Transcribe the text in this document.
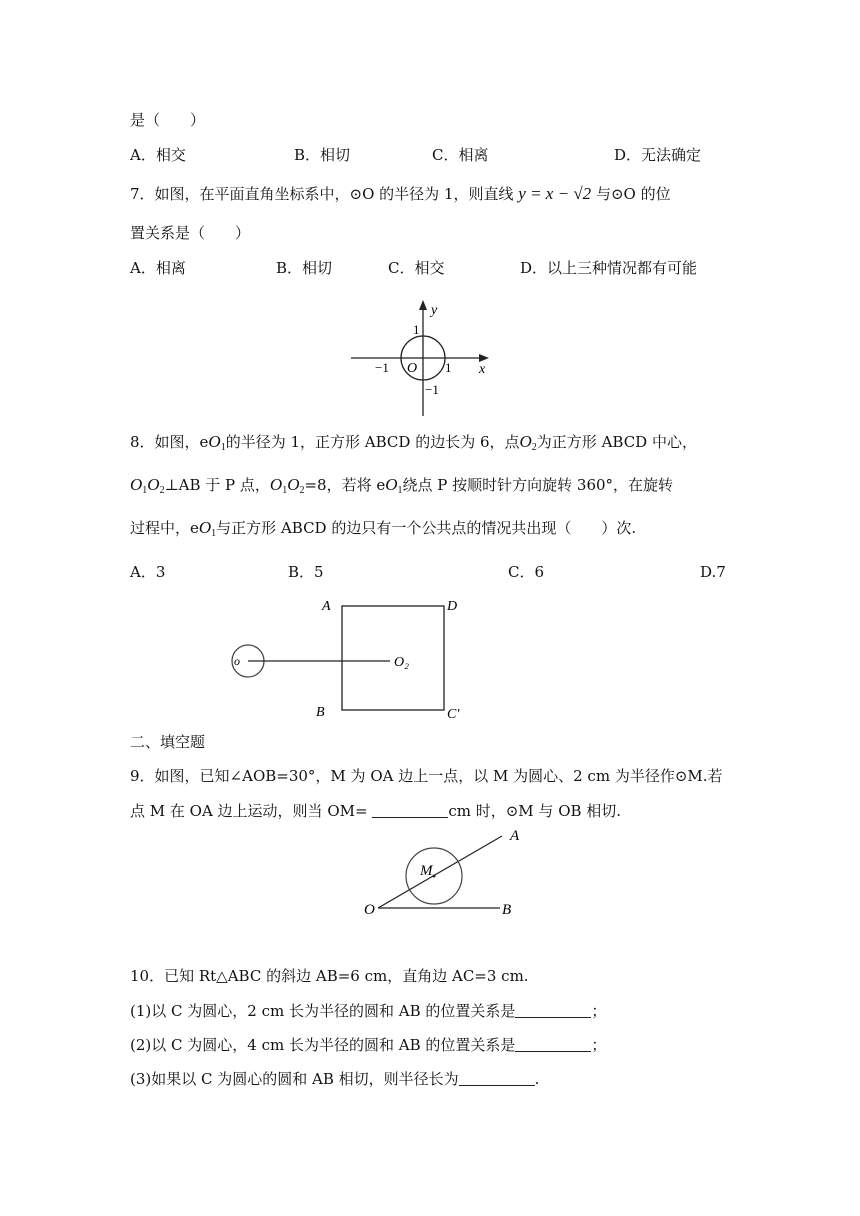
是（　　）
A．相交	B．相切	C．相离	D．无法确定
7．如图，在平面直角坐标系中，⊙O 的半径为 1，则直线 y = x − √2 与⊙O 的位
置关系是（　　）
A．相离	B．相切	C．相交	D．以上三种情况都有可能
y
x
O
1
−1	1
−1
8．如图，$eO_1$的半径为 1，正方形 ABCD 的边长为 6，点$O_2$为正方形 ABCD 中心，
$O_1O_2\perp AB$ 于 P 点，$O_1O_2=8$，若将 $eO_1$绕点 P 按顺时针方向旋转 360°，在旋转
过程中，$eO_1$与正方形 ABCD 的边只有一个公共点的情况共出现（　　）次.
A．3	B．5	C．6	D.7
A	D
B	C'
o	O₂
二、填空题
9．如图，已知∠AOB=30°，M 为 OA 边上一点，以 M 为圆心、2 cm 为半径作⊙M.若
点 M 在 OA 边上运动，则当 OM=	cm 时，⊙M 与 OB 相切.
A
M
O	B
10．已知 Rt△ABC 的斜边 AB=6 cm，直角边 AC=3 cm.
(1)以 C 为圆心，2 cm 长为半径的圆和 AB 的位置关系是	；
(2)以 C 为圆心，4 cm 长为半径的圆和 AB 的位置关系是	；
(3)如果以 C 为圆心的圆和 AB 相切，则半径长为	.
